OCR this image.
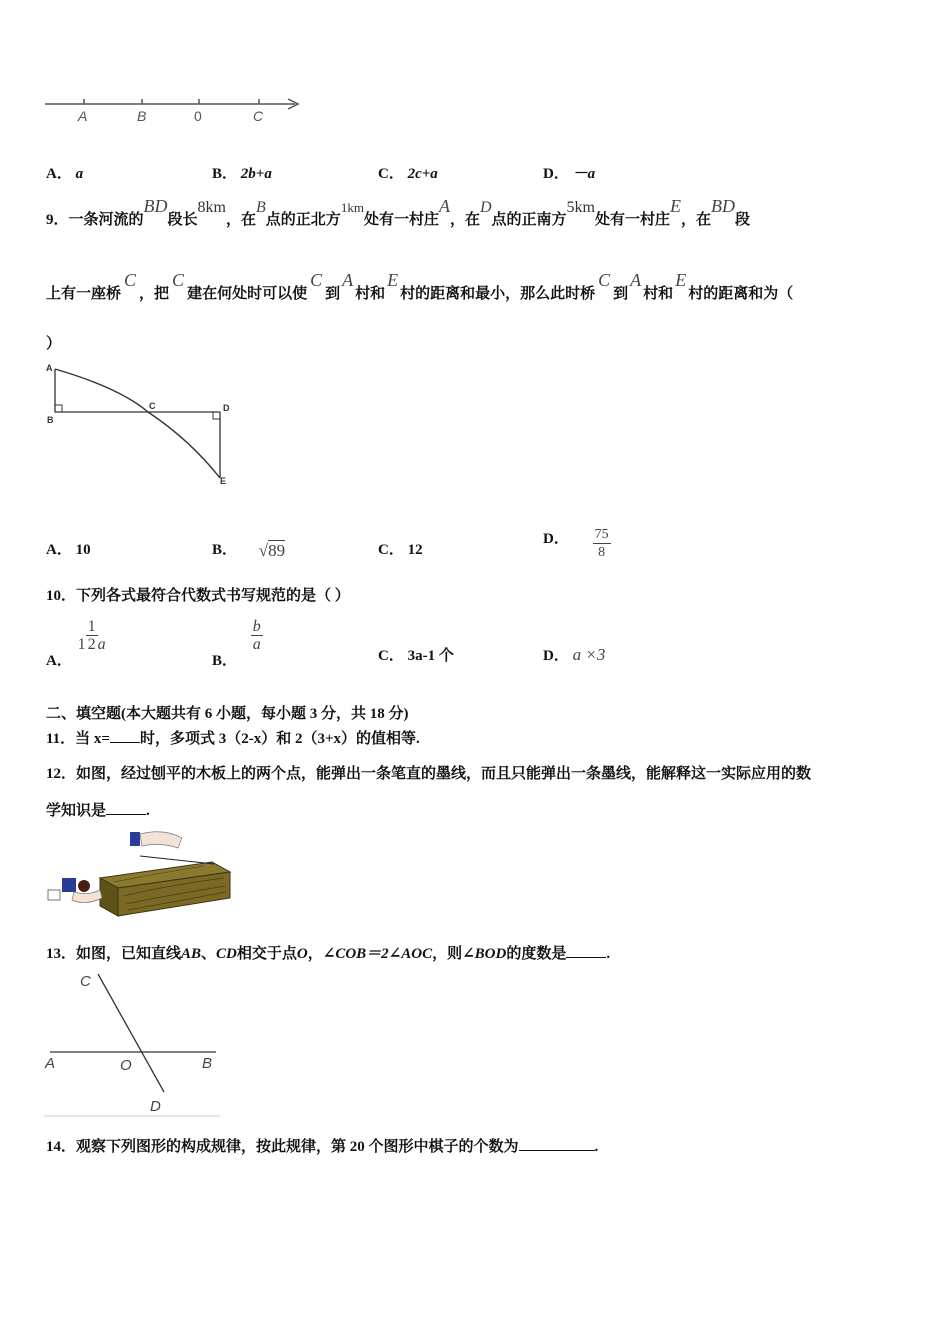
A	B	0	C
A． a	B． 2b+a	C． 2c+a	D． －a
9．一条河流的BD段长8km，在B点的正北方1km处有一村庄A，在D点的正南方5km处有一村庄E，在BD段
上有一座桥C，把C建在何处时可以使C到A村和E村的距离和最小，那么此时桥C到A村和E村的距离和为（
）
A
B
C	D
E
A． 10	B． √89	C． 12
D． $\frac{75}{8}$
10．下列各式最符合代数式书写规范的是（ ）
A． $1 \frac{1}{2}$ a
B．
$\frac{b}{a}$
C． 3a-1 个	D． a ×3
二、填空题(本大题共有 6 小题，每小题 3 分，共 18 分)
11．当 x= 时，多项式 3（2-x）和 2（3+x）的值相等.
12．如图，经过刨平的木板上的两个点，能弹出一条笔直的墨线，而且只能弹出一条墨线，能解释这一实际应用的数
学知识是	.
13．如图，已知直线AB、CD相交于点O，∠COB＝2∠AOC，则∠BOD的度数是	.
C
A	O	B
D
14．观察下列图形的构成规律，按此规律，第 20 个图形中棋子的个数为	.
